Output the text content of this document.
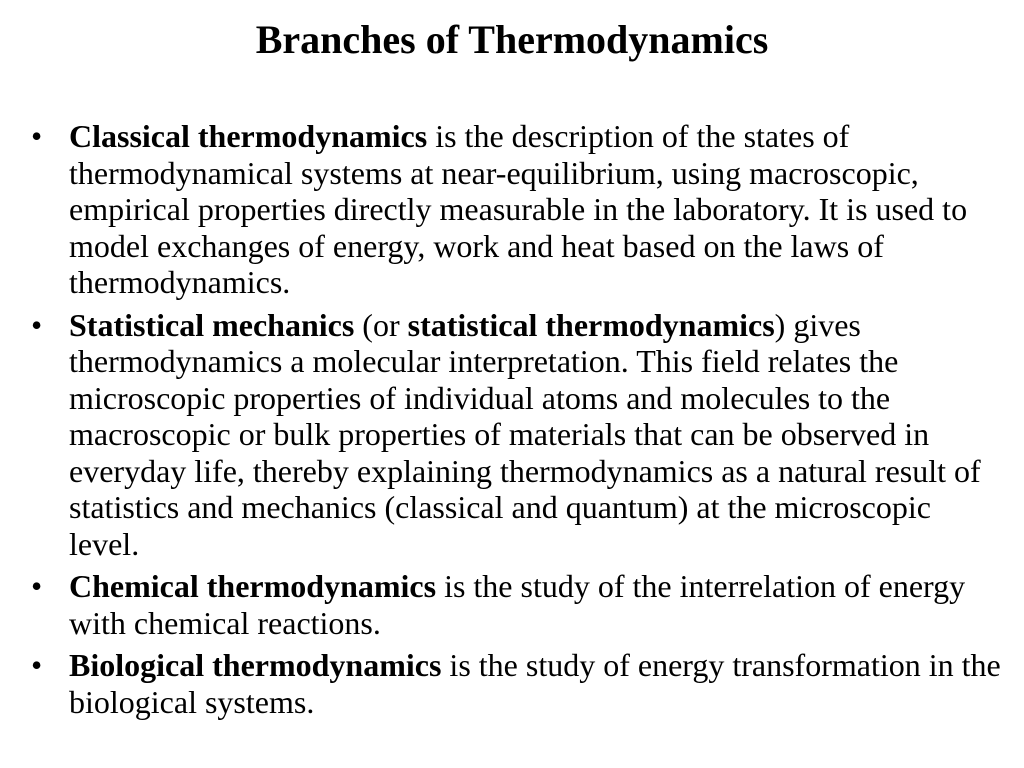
Branches of Thermodynamics
• Classical thermodynamics is the description of the states of thermodynamical systems at near-equilibrium, using macroscopic, empirical properties directly measurable in the laboratory. It is used to model exchanges of energy, work and heat based on the laws of thermodynamics.
• Statistical mechanics (or statistical thermodynamics) gives thermodynamics a molecular interpretation. This field relates the microscopic properties of individual atoms and molecules to the macroscopic or bulk properties of materials that can be observed in everyday life, thereby explaining thermodynamics as a natural result of statistics and mechanics (classical and quantum) at the microscopic level.
• Chemical thermodynamics is the study of the interrelation of energy with chemical reactions.
• Biological thermodynamics is the study of energy transformation in the biological systems.
